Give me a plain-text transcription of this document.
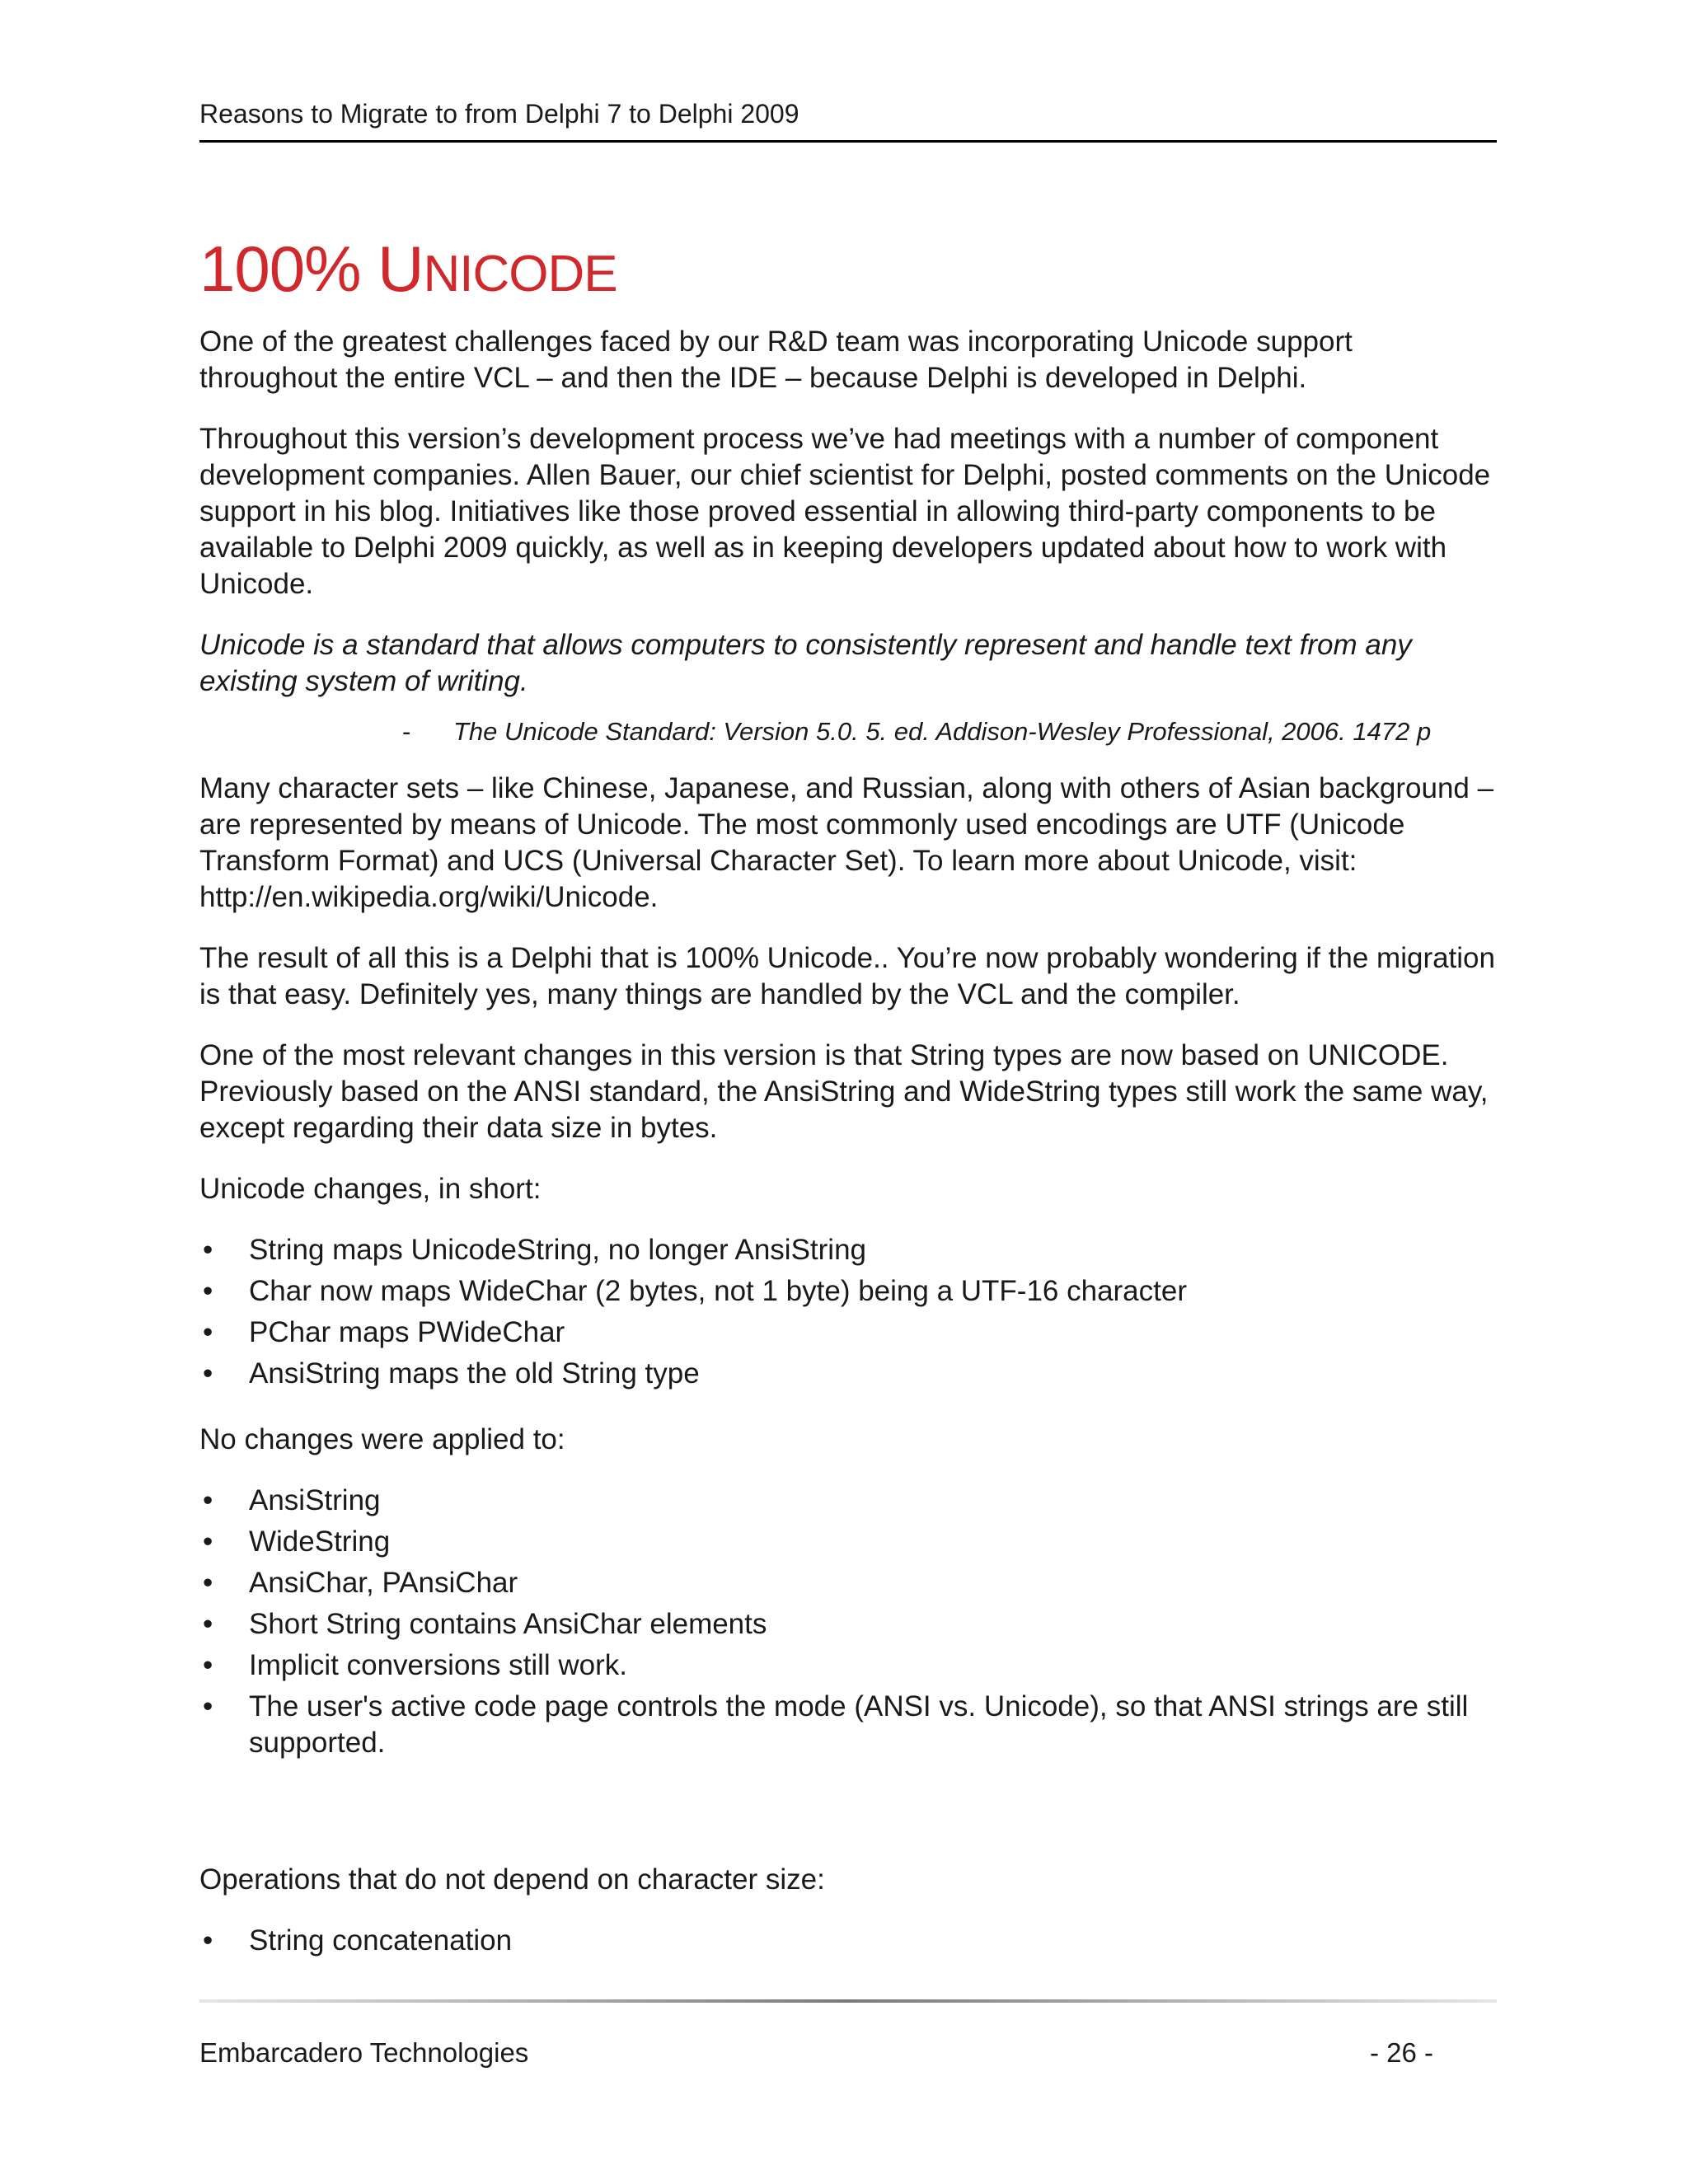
Reasons to Migrate to from Delphi 7 to Delphi 2009
100% UNICODE

One of the greatest challenges faced by our R&D team was incorporating Unicode support throughout the entire VCL – and then the IDE – because Delphi is developed in Delphi.

Throughout this version’s development process we’ve had meetings with a number of component development companies. Allen Bauer, our chief scientist for Delphi, posted comments on the Unicode support in his blog. Initiatives like those proved essential in allowing third-party components to be available to Delphi 2009 quickly, as well as in keeping developers updated about how to work with Unicode.

Unicode is a standard that allows computers to consistently represent and handle text from any existing system of writing.

- The Unicode Standard: Version 5.0. 5. ed. Addison-Wesley Professional, 2006. 1472 p

Many character sets – like Chinese, Japanese, and Russian, along with others of Asian background – are represented by means of Unicode. The most commonly used encodings are UTF (Unicode Transform Format) and UCS (Universal Character Set). To learn more about Unicode, visit: http://en.wikipedia.org/wiki/Unicode.

The result of all this is a Delphi that is 100% Unicode.. You’re now probably wondering if the migration is that easy. Definitely yes, many things are handled by the VCL and the compiler.

One of the most relevant changes in this version is that String types are now based on UNICODE. Previously based on the ANSI standard, the AnsiString and WideString types still work the same way, except regarding their data size in bytes.

Unicode changes, in short:

• String maps UnicodeString, no longer AnsiString
• Char now maps WideChar (2 bytes, not 1 byte) being a UTF-16 character
• PChar maps PWideChar
• AnsiString maps the old String type

No changes were applied to:

• AnsiString
• WideString
• AnsiChar, PAnsiChar
• Short String contains AnsiChar elements
• Implicit conversions still work.
• The user's active code page controls the mode (ANSI vs. Unicode), so that ANSI strings are still supported.

Operations that do not depend on character size:

• String concatenation
Embarcadero Technologies	- 26 -
